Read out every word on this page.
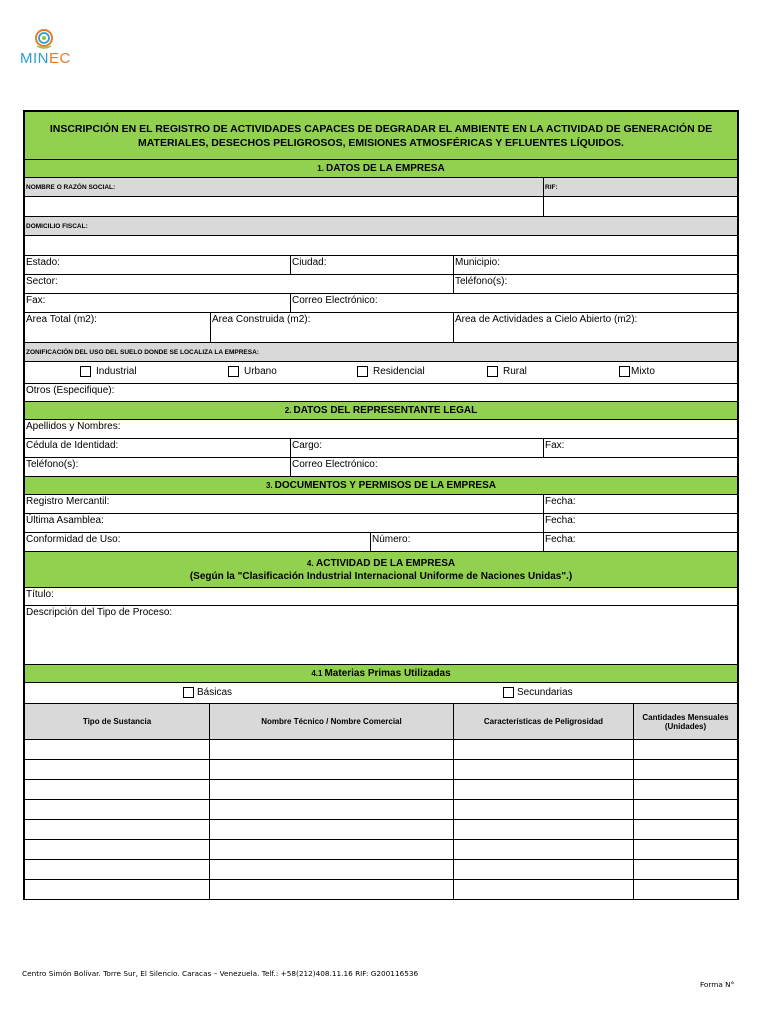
MINEC
INSCRIPCIÓN EN EL REGISTRO DE ACTIVIDADES CAPACES DE DEGRADAR EL AMBIENTE EN LA ACTIVIDAD DE GENERACIÓN DE MATERIALES, DESECHOS PELIGROSOS, EMISIONES ATMOSFÉRICAS Y EFLUENTES LÍQUIDOS.
1. DATOS DE LA EMPRESA
NOMBRE O RAZÓN SOCIAL:	RIF:
DOMICILIO FISCAL:
Estado:	Ciudad:	Municipio:
Sector:	Teléfono(s):
Fax:	Correo Electrónico:
Area Total (m2):	Area Construida (m2):	Area de Actividades a Cielo Abierto (m2):
ZONIFICACIÓN DEL USO DEL SUELO DONDE SE LOCALIZA LA EMPRESA:
Industrial	Urbano	Residencial	Rural	Mixto
Otros (Especifique):
2. DATOS DEL REPRESENTANTE LEGAL
Apellidos y Nombres:
Cédula de Identidad:	Cargo:	Fax:
Teléfono(s):	Correo Electrónico:
3. DOCUMENTOS Y PERMISOS DE LA EMPRESA
Registro Mercantil:	Fecha:
Última Asamblea:	Fecha:
Conformidad de Uso:	Número:	Fecha:
4. ACTIVIDAD DE LA EMPRESA
(Según la "Clasificación Industrial Internacional Uniforme de Naciones Unidas".)
Título:
Descripción del Tipo de Proceso:
4.1 Materias Primas Utilizadas
Básicas	Secundarias
Tipo de Sustancia	Nombre Técnico / Nombre Comercial	Características de Peligrosidad	Cantidades Mensuales (Unidades)
Centro Simón Bolívar. Torre Sur, El Silencio. Caracas – Venezuela. Telf.: +58(212)408.11.16 RIF: G200116536
Forma N°
